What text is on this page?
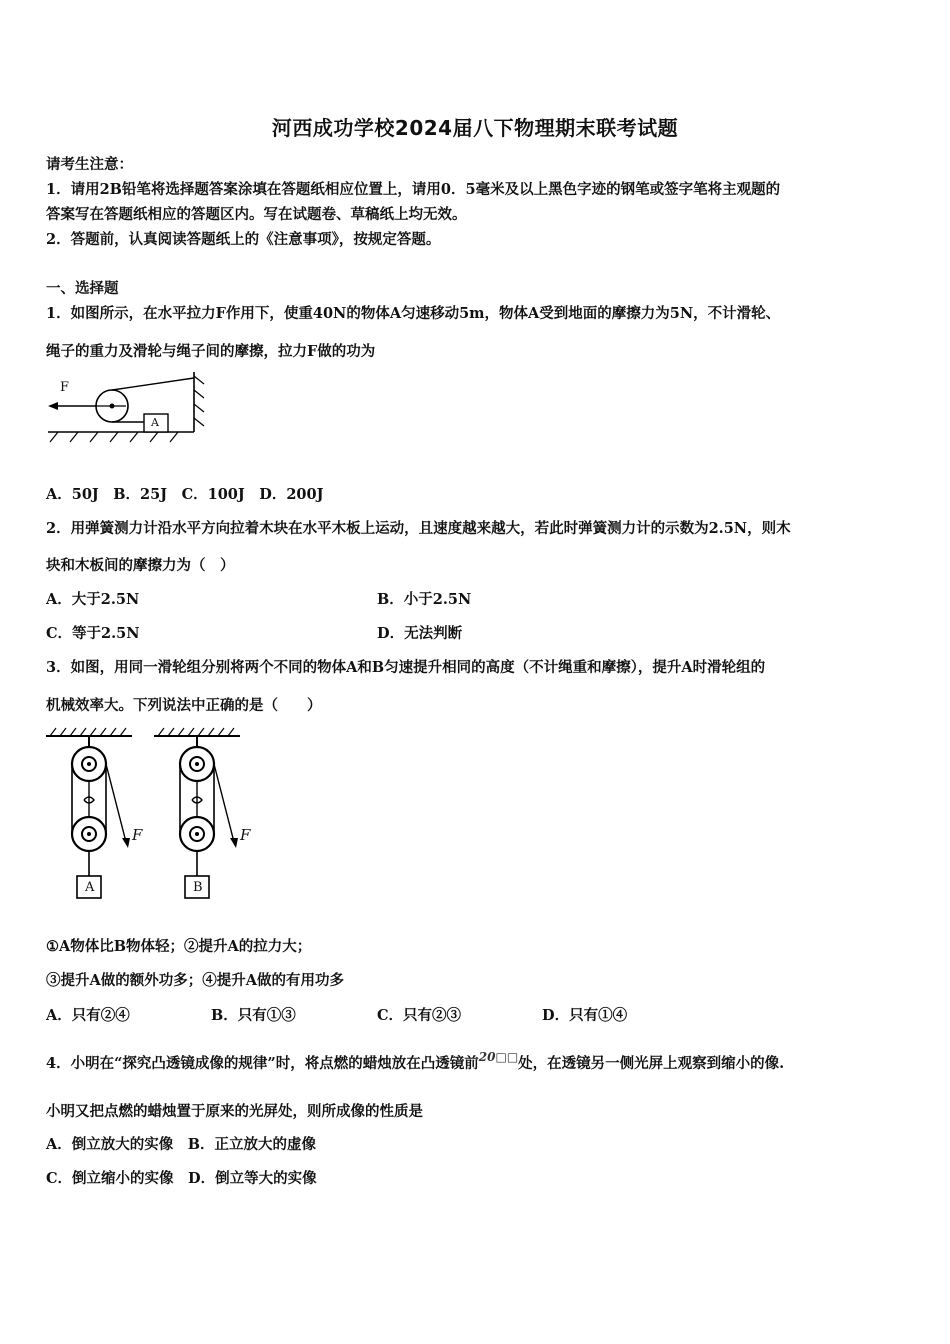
河西成功学校2024届八下物理期末联考试题
请考生注意：
1．请用2B铅笔将选择题答案涂填在答题纸相应位置上，请用0．5毫米及以上黑色字迹的钢笔或签字笔将主观题的
答案写在答题纸相应的答题区内。写在试题卷、草稿纸上均无效。
2．答题前，认真阅读答题纸上的《注意事项》，按规定答题。
一、选择题
1．如图所示，在水平拉力F作用下，使重40N的物体A匀速移动5m，物体A受到地面的摩擦力为5N，不计滑轮、
绳子的重力及滑轮与绳子间的摩擦，拉力F做的功为
F
A
A．50J　B．25J　C．100J　D．200J
2．用弹簧测力计沿水平方向拉着木块在水平木板上运动，且速度越来越大，若此时弹簧测力计的示数为2.5N，则木
块和木板间的摩擦力为（　）
A．大于2.5N	B．小于2.5N
C．等于2.5N	D．无法判断
3．如图，用同一滑轮组分别将两个不同的物体A和B匀速提升相同的高度（不计绳重和摩擦），提升A时滑轮组的
机械效率大。下列说法中正确的是（　　）
F
A
F
B
①A物体比B物体轻；②提升A的拉力大；
③提升A做的额外功多；④提升A做的有用功多
A．只有②④	B．只有①③	C．只有②③	D．只有①④
4．小明在“探究凸透镜成像的规律”时，将点燃的蜡烛放在凸透镜前$^{20□□}$处，在透镜另一侧光屏上观察到缩小的像.
小明又把点燃的蜡烛置于原来的光屏处，则所成像的性质是
A．倒立放大的实像　B．正立放大的虚像
C．倒立缩小的实像　D．倒立等大的实像
